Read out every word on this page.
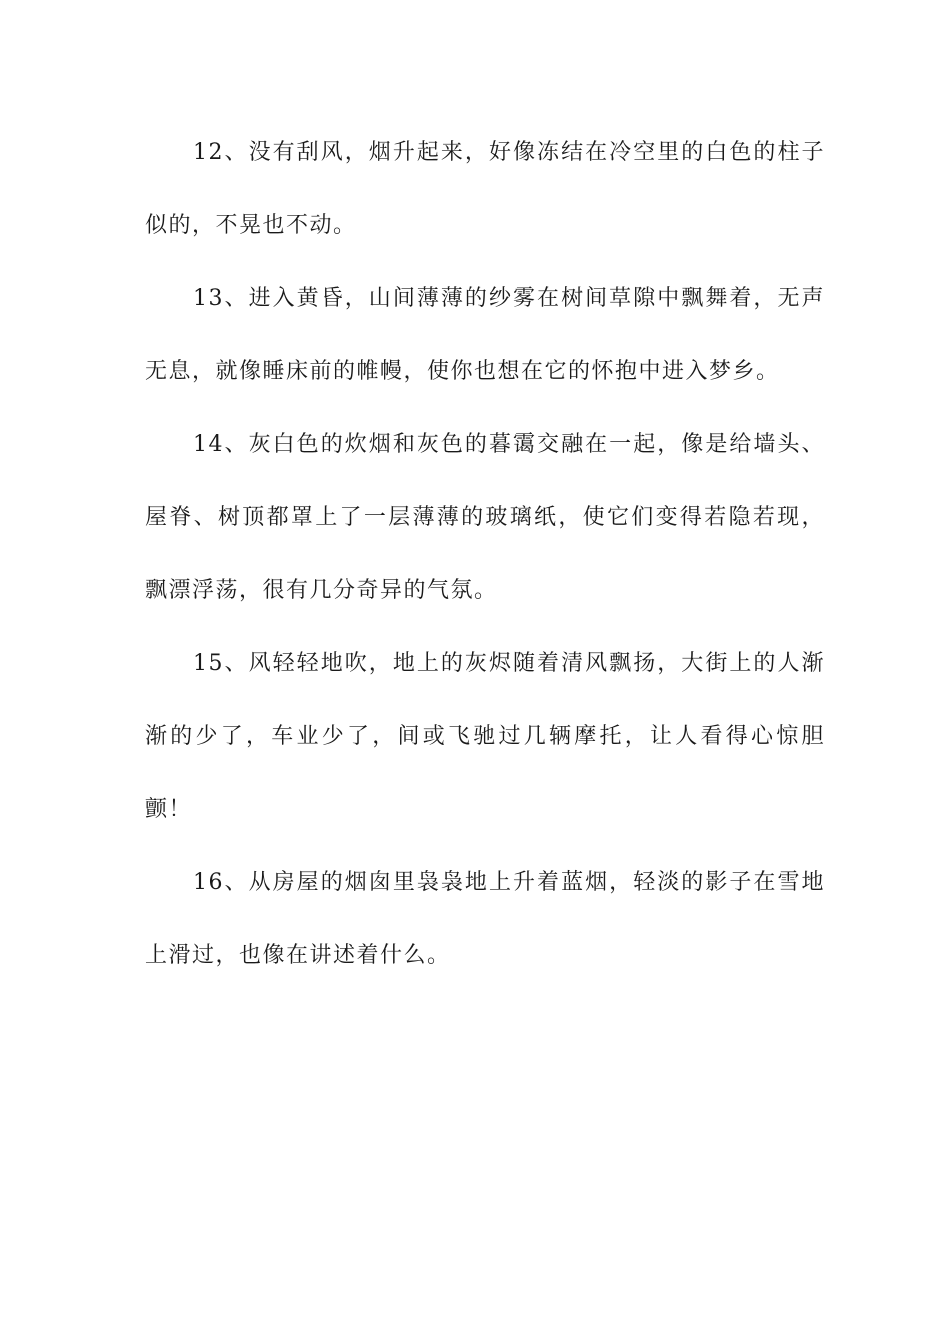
12、没有刮风，烟升起来，好像冻结在冷空里的白色的柱子似的，不晃也不动。

13、进入黄昏，山间薄薄的纱雾在树间草隙中飘舞着，无声无息，就像睡床前的帷幔，使你也想在它的怀抱中进入梦乡。

14、灰白色的炊烟和灰色的暮霭交融在一起，像是给墙头、屋脊、树顶都罩上了一层薄薄的玻璃纸，使它们变得若隐若现，飘漂浮荡，很有几分奇异的气氛。

15、风轻轻地吹，地上的灰烬随着清风飘扬，大街上的人渐渐的少了，车业少了，间或飞驰过几辆摩托，让人看得心惊胆颤！

16、从房屋的烟囱里袅袅地上升着蓝烟，轻淡的影子在雪地上滑过，也像在讲述着什么。
